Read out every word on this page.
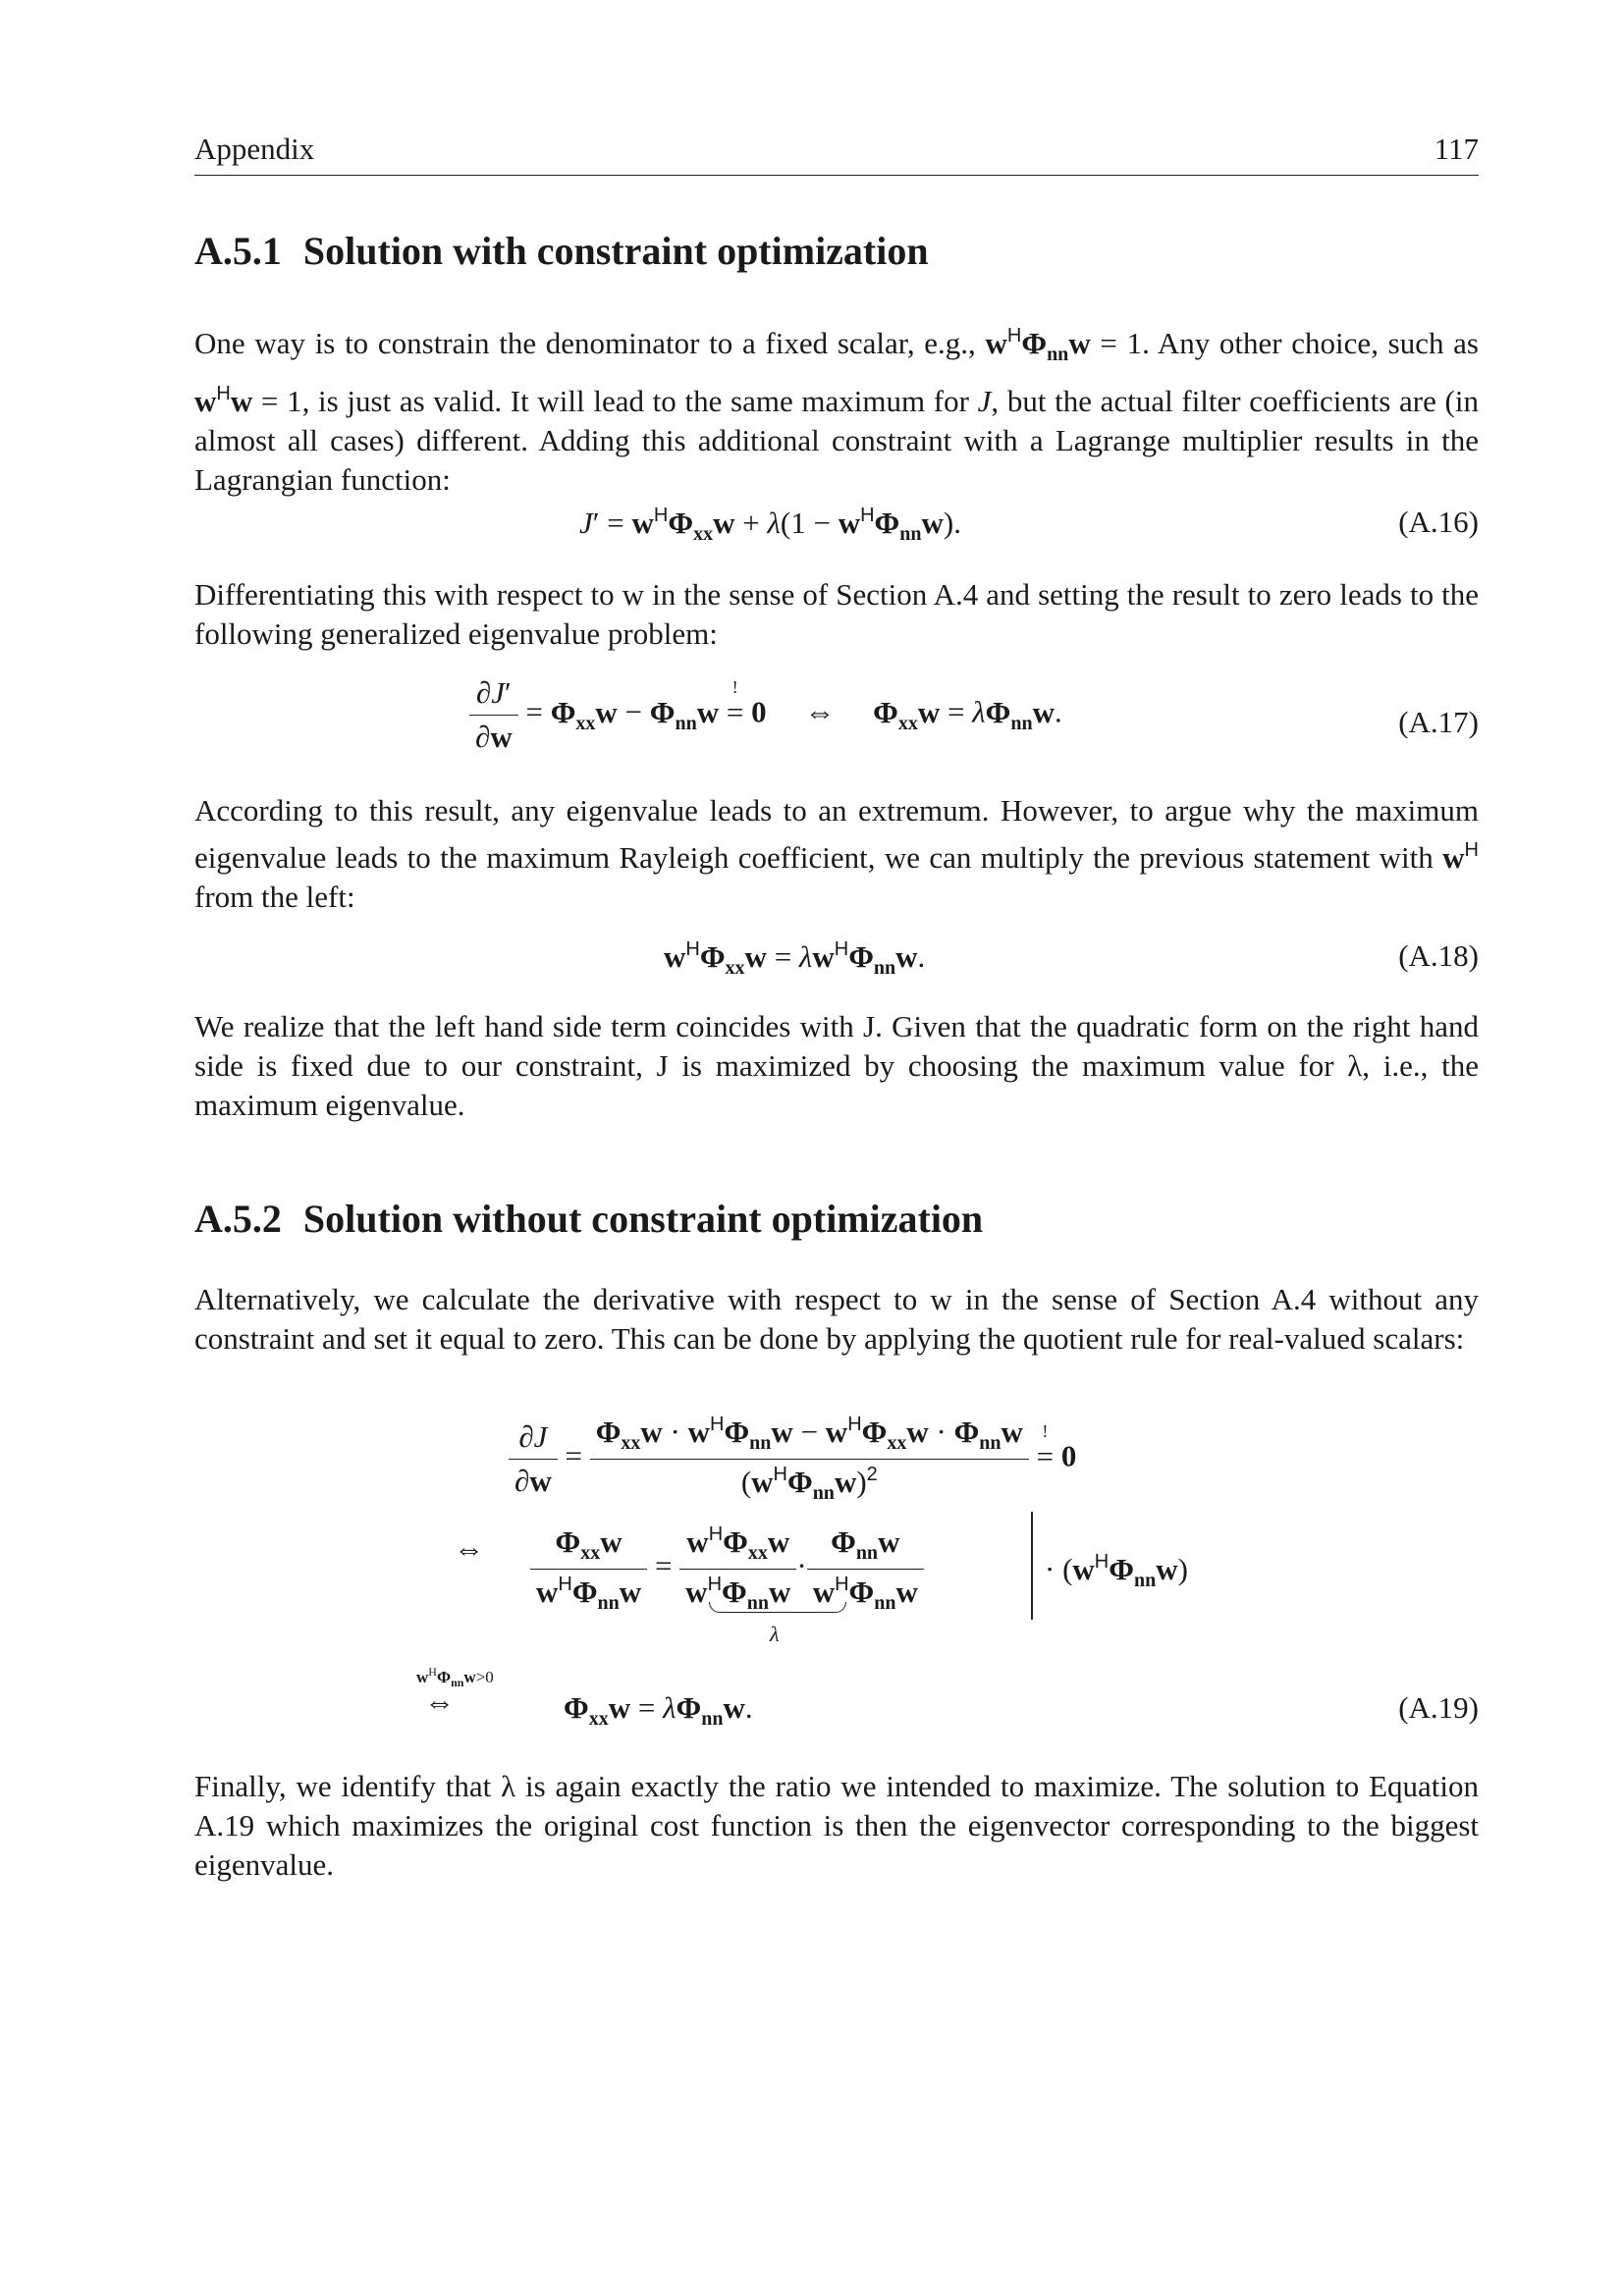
Appendix	117
A.5.1 Solution with constraint optimization

One way is to constrain the denominator to a fixed scalar, e.g., $w^H\Phi_{nn}w = 1$. Any other choice, such as $w^Hw = 1$, is just as valid. It will lead to the same maximum for J, but the actual filter coefficients are (in almost all cases) different. Adding this additional constraint with a Lagrange multiplier results in the Lagrangian function:

$J' = w^H\Phi_{xx}w + \lambda(1 - w^H\Phi_{nn}w)$.	(A.16)

Differentiating this with respect to w in the sense of Section A.4 and setting the result to zero leads to the following generalized eigenvalue problem:

$\frac{\partial J'}{\partial w} = \Phi_{xx}w - \Phi_{nn}w$ ! = 0     ⇔     $\Phi_{xx}w = \lambda\Phi_{nn}w$.	(A.17)

According to this result, any eigenvalue leads to an extremum. However, to argue why the maximum eigenvalue leads to the maximum Rayleigh coefficient, we can multiply the previous statement with $w^H$ from the left:

$w^H\Phi_{xx}w = \lambda w^H\Phi_{nn}w$.	(A.18)

We realize that the left hand side term coincides with J. Given that the quadratic form on the right hand side is fixed due to our constraint, J is maximized by choosing the maximum value for λ, i.e., the maximum eigenvalue.

A.5.2 Solution without constraint optimization

Alternatively, we calculate the derivative with respect to w in the sense of Section A.4 without any constraint and set it equal to zero. This can be done by applying the quotient rule for real-valued scalars:

$\frac{\partial J}{\partial w} = \frac{\Phi_{xx}w \cdot w^H\Phi_{nn}w - w^H\Phi_{xx}w \cdot \Phi_{nn}w}{(w^H\Phi_{nn}w)^2}$ ! = 0
⇔ $\frac{\Phi_{xx}w}{w^H\Phi_{nn}w} = \frac{w^H\Phi_{xx}w}{w^H\Phi_{nn}w} \cdot \frac{\Phi_{nn}w}{w^H\Phi_{nn}w}$
λ
· $(w^H\Phi_{nn}w)$
$w^H\Phi_{nn}w>0$
⇔	$\Phi_{xx}w = \lambda\Phi_{nn}w$.	(A.19)

Finally, we identify that λ is again exactly the ratio we intended to maximize. The solution to Equation A.19 which maximizes the original cost function is then the eigenvector corresponding to the biggest eigenvalue.
